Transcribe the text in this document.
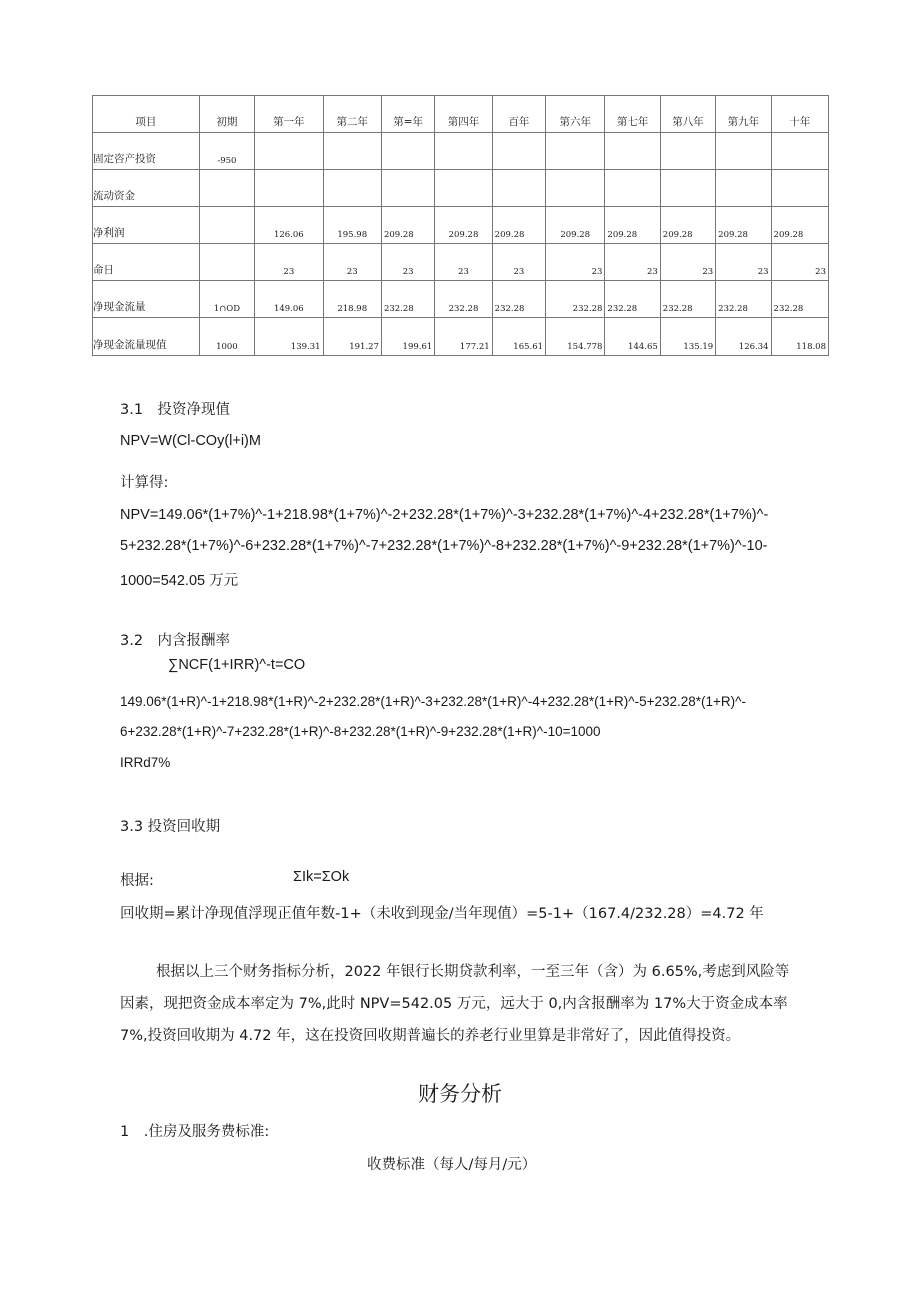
项目	初期	第一年	第二年	第=年	第四年	百年	第六年	第七年	第八年	第九年	十年
固定咨产投资	-950										
流动资金											
净利润		126.06	195.98	209.28	209.28	209.28	209.28	209.28	209.28	209.28	209.28
命日		23	23	23	23	23	23	23	23	23	23
净现金流量	1∩OD	149.06	218.98	232.28	232.28	232.28	232.28	232.28	232.28	232.28	232.28
净现金流量现值	1000	139.31	191.27	199.61	177.21	165.61	154.778	144.65	135.19	126.34	118.08
3.1　投资净现值
NPV=W(Cl-COy(l+i)M
计算得:
NPV=149.06*(1+7%)^-1+218.98*(1+7%)^-2+232.28*(1+7%)^-3+232.28*(1+7%)^-4+232.28*(1+7%)^-
5+232.28*(1+7%)^-6+232.28*(1+7%)^-7+232.28*(1+7%)^-8+232.28*(1+7%)^-9+232.28*(1+7%)^-10-
1000=542.05 万元
3.2　内含报酬率
∑NCF(1+IRR)^-t=CO
149.06*(1+R)^-1+218.98*(1+R)^-2+232.28*(1+R)^-3+232.28*(1+R)^-4+232.28*(1+R)^-5+232.28*(1+R)^-
6+232.28*(1+R)^-7+232.28*(1+R)^-8+232.28*(1+R)^-9+232.28*(1+R)^-10=1000
IRRd7%
3.3 投资回收期
根据:	ΣIk=ΣOk
回收期=累计净现值浮现正值年数-1+（未收到现金/当年现值）=5-1+（167.4/232.28）=4.72 年
根据以上三个财务指标分析，2022 年银行长期贷款利率，一至三年（含）为 6.65%,考虑到风险等因素，现把资金成本率定为 7%,此时 NPV=542.05 万元，远大于 0,内含报酬率为 17%大于资金成本率 7%,投资回收期为 4.72 年，这在投资回收期普遍长的养老行业里算是非常好了，因此值得投资。
财务分析
1　.住房及服务费标准:
收费标准（每人/每月/元）
